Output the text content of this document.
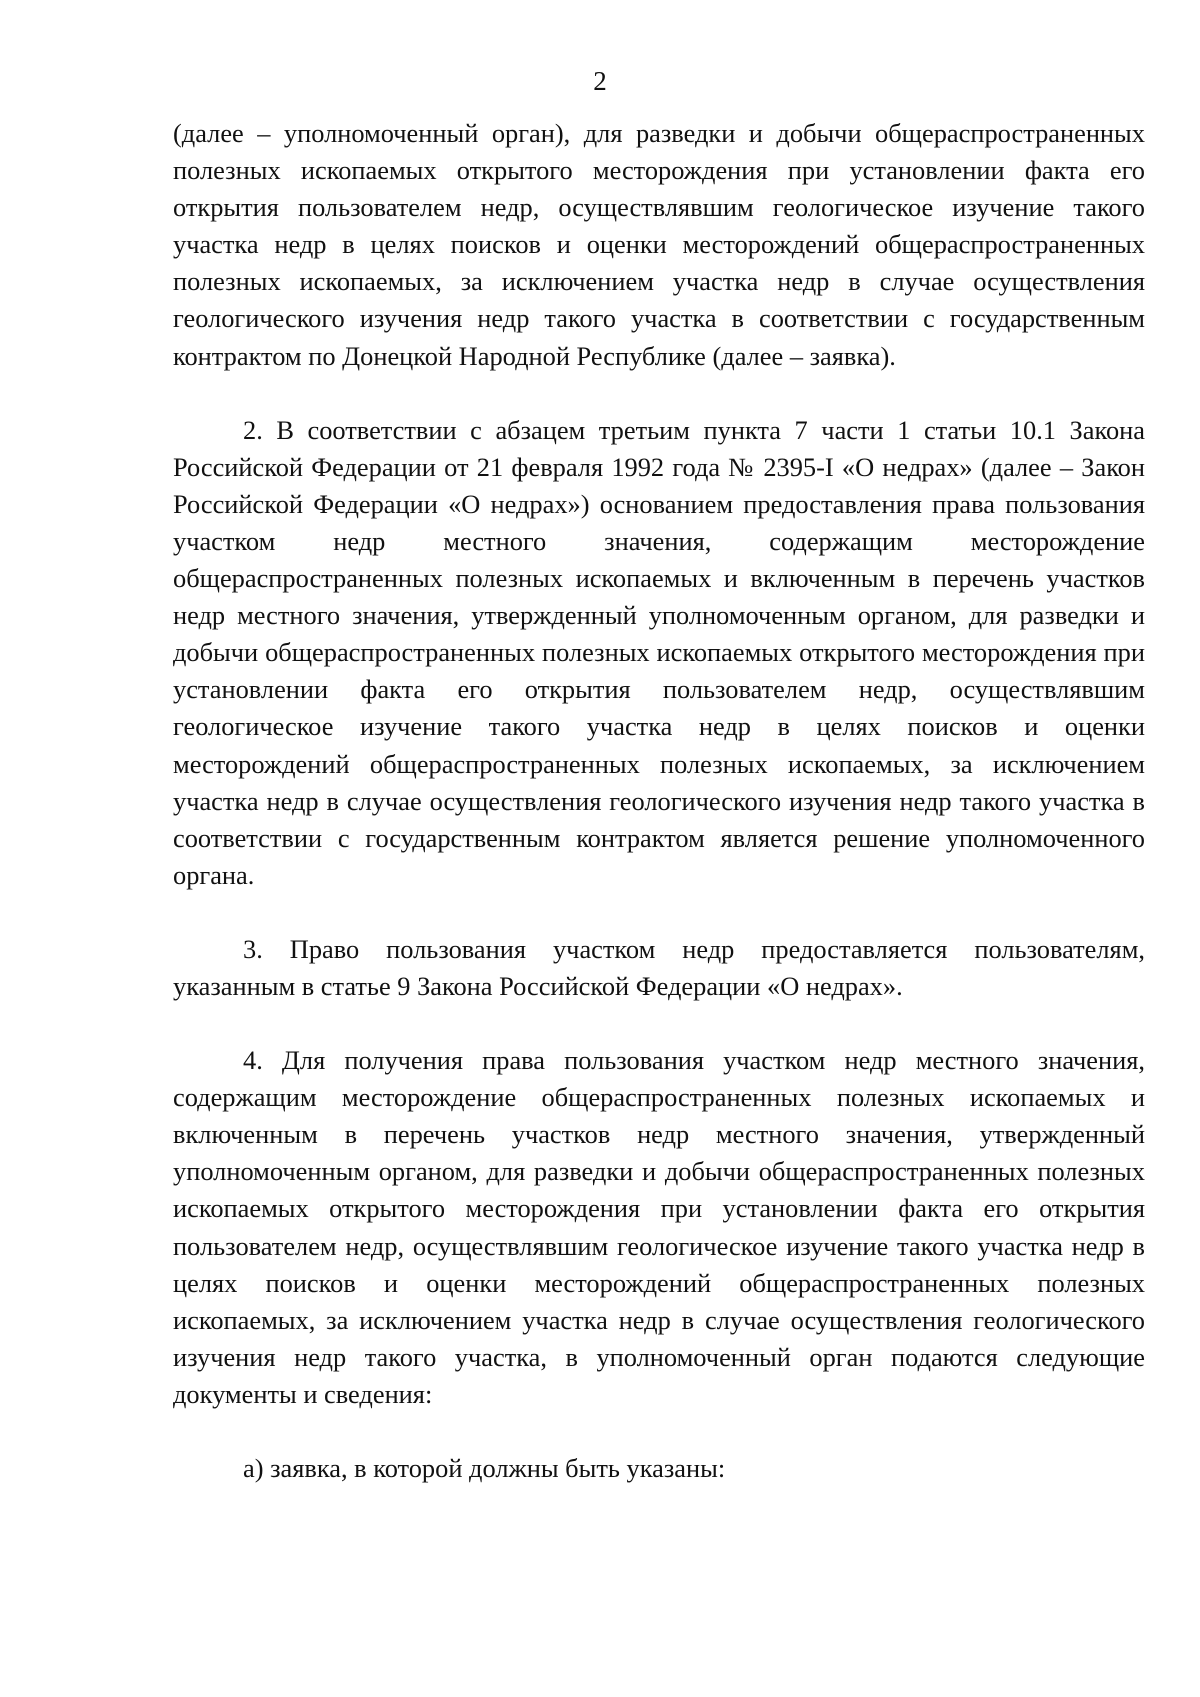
2

(далее – уполномоченный орган), для разведки и добычи общераспространенных полезных ископаемых открытого месторождения при установлении факта его открытия пользователем недр, осуществлявшим геологическое изучение такого участка недр в целях поисков и оценки месторождений общераспространенных полезных ископаемых, за исключением участка недр в случае осуществления геологического изучения недр такого участка в соответствии с государственным контрактом по Донецкой Народной Республике (далее – заявка).

2. В соответствии с абзацем третьим пункта 7 части 1 статьи 10.1 Закона Российской Федерации от 21 февраля 1992 года № 2395-I «О недрах» (далее – Закон Российской Федерации «О недрах») основанием предоставления права пользования участком недр местного значения, содержащим месторождение общераспространенных полезных ископаемых и включенным в перечень участков недр местного значения, утвержденный уполномоченным органом, для разведки и добычи общераспространенных полезных ископаемых открытого месторождения при установлении факта его открытия пользователем недр, осуществлявшим геологическое изучение такого участка недр в целях поисков и оценки месторождений общераспространенных полезных ископаемых, за исключением участка недр в случае осуществления геологического изучения недр такого участка в соответствии с государственным контрактом является решение уполномоченного органа.

3. Право пользования участком недр предоставляется пользователям, указанным в статье 9 Закона Российской Федерации «О недрах».

4. Для получения права пользования участком недр местного значения, содержащим месторождение общераспространенных полезных ископаемых и включенным в перечень участков недр местного значения, утвержденный уполномоченным органом, для разведки и добычи общераспространенных полезных ископаемых открытого месторождения при установлении факта его открытия пользователем недр, осуществлявшим геологическое изучение такого участка недр в целях поисков и оценки месторождений общераспространенных полезных ископаемых, за исключением участка недр в случае осуществления геологического изучения недр такого участка, в уполномоченный орган подаются следующие документы и сведения:

а) заявка, в которой должны быть указаны:
